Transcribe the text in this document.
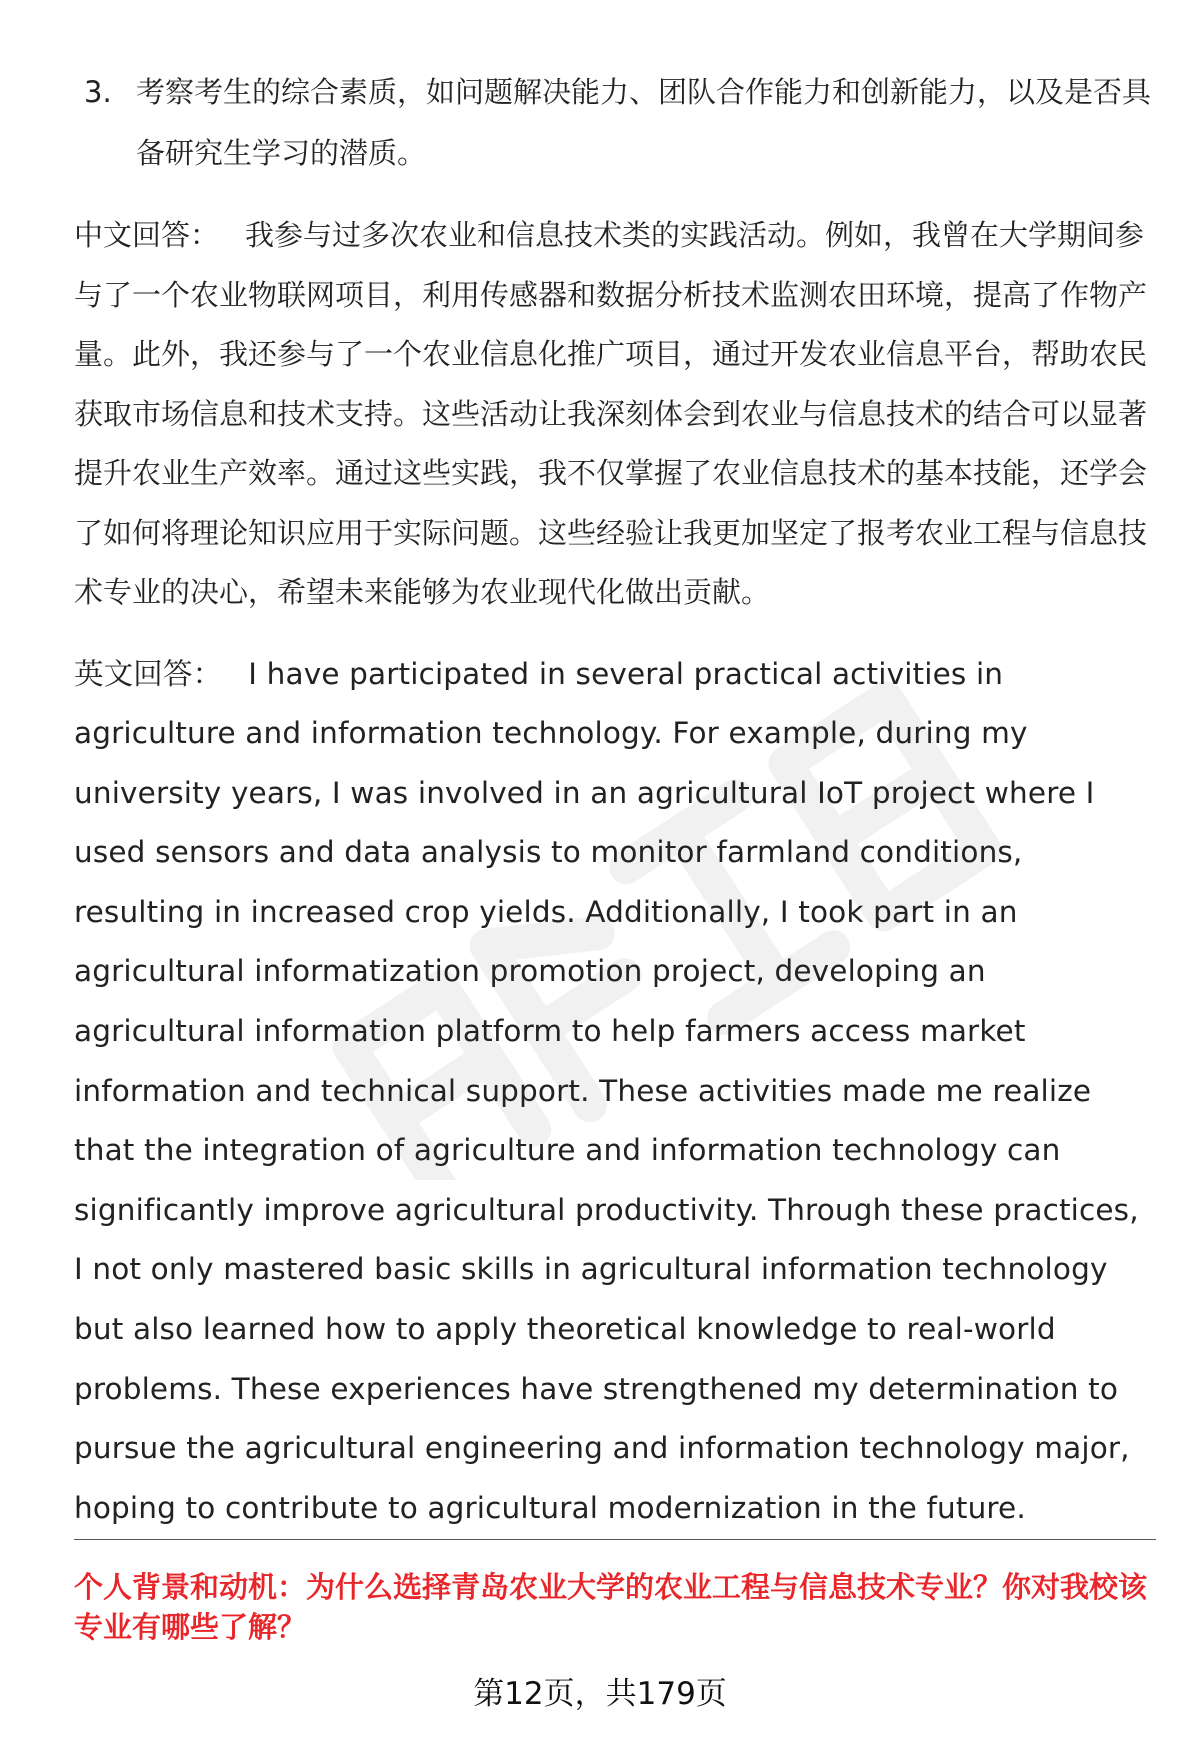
3. 考察考生的综合素质，如问题解决能力、团队合作能力和创新能力，以及是否具备研究生学习的潜质。

中文回答： 我参与过多次农业和信息技术类的实践活动。例如，我曾在大学期间参与了一个农业物联网项目，利用传感器和数据分析技术监测农田环境，提高了作物产量。此外，我还参与了一个农业信息化推广项目，通过开发农业信息平台，帮助农民获取市场信息和技术支持。这些活动让我深刻体会到农业与信息技术的结合可以显著提升农业生产效率。通过这些实践，我不仅掌握了农业信息技术的基本技能，还学会了如何将理论知识应用于实际问题。这些经验让我更加坚定了报考农业工程与信息技术专业的决心，希望未来能够为农业现代化做出贡献。

英文回答： I have participated in several practical activities in agriculture and information technology. For example, during my university years, I was involved in an agricultural IoT project where I used sensors and data analysis to monitor farmland conditions, resulting in increased crop yields. Additionally, I took part in an agricultural informatization promotion project, developing an agricultural information platform to help farmers access market information and technical support. These activities made me realize that the integration of agriculture and information technology can significantly improve agricultural productivity. Through these practices, I not only mastered basic skills in agricultural information technology but also learned how to apply theoretical knowledge to real-world problems. These experiences have strengthened my determination to pursue the agricultural engineering and information technology major, hoping to contribute to agricultural modernization in the future.

个人背景和动机：为什么选择青岛农业大学的农业工程与信息技术专业？你对我校该专业有哪些了解？
第12页，共179页
